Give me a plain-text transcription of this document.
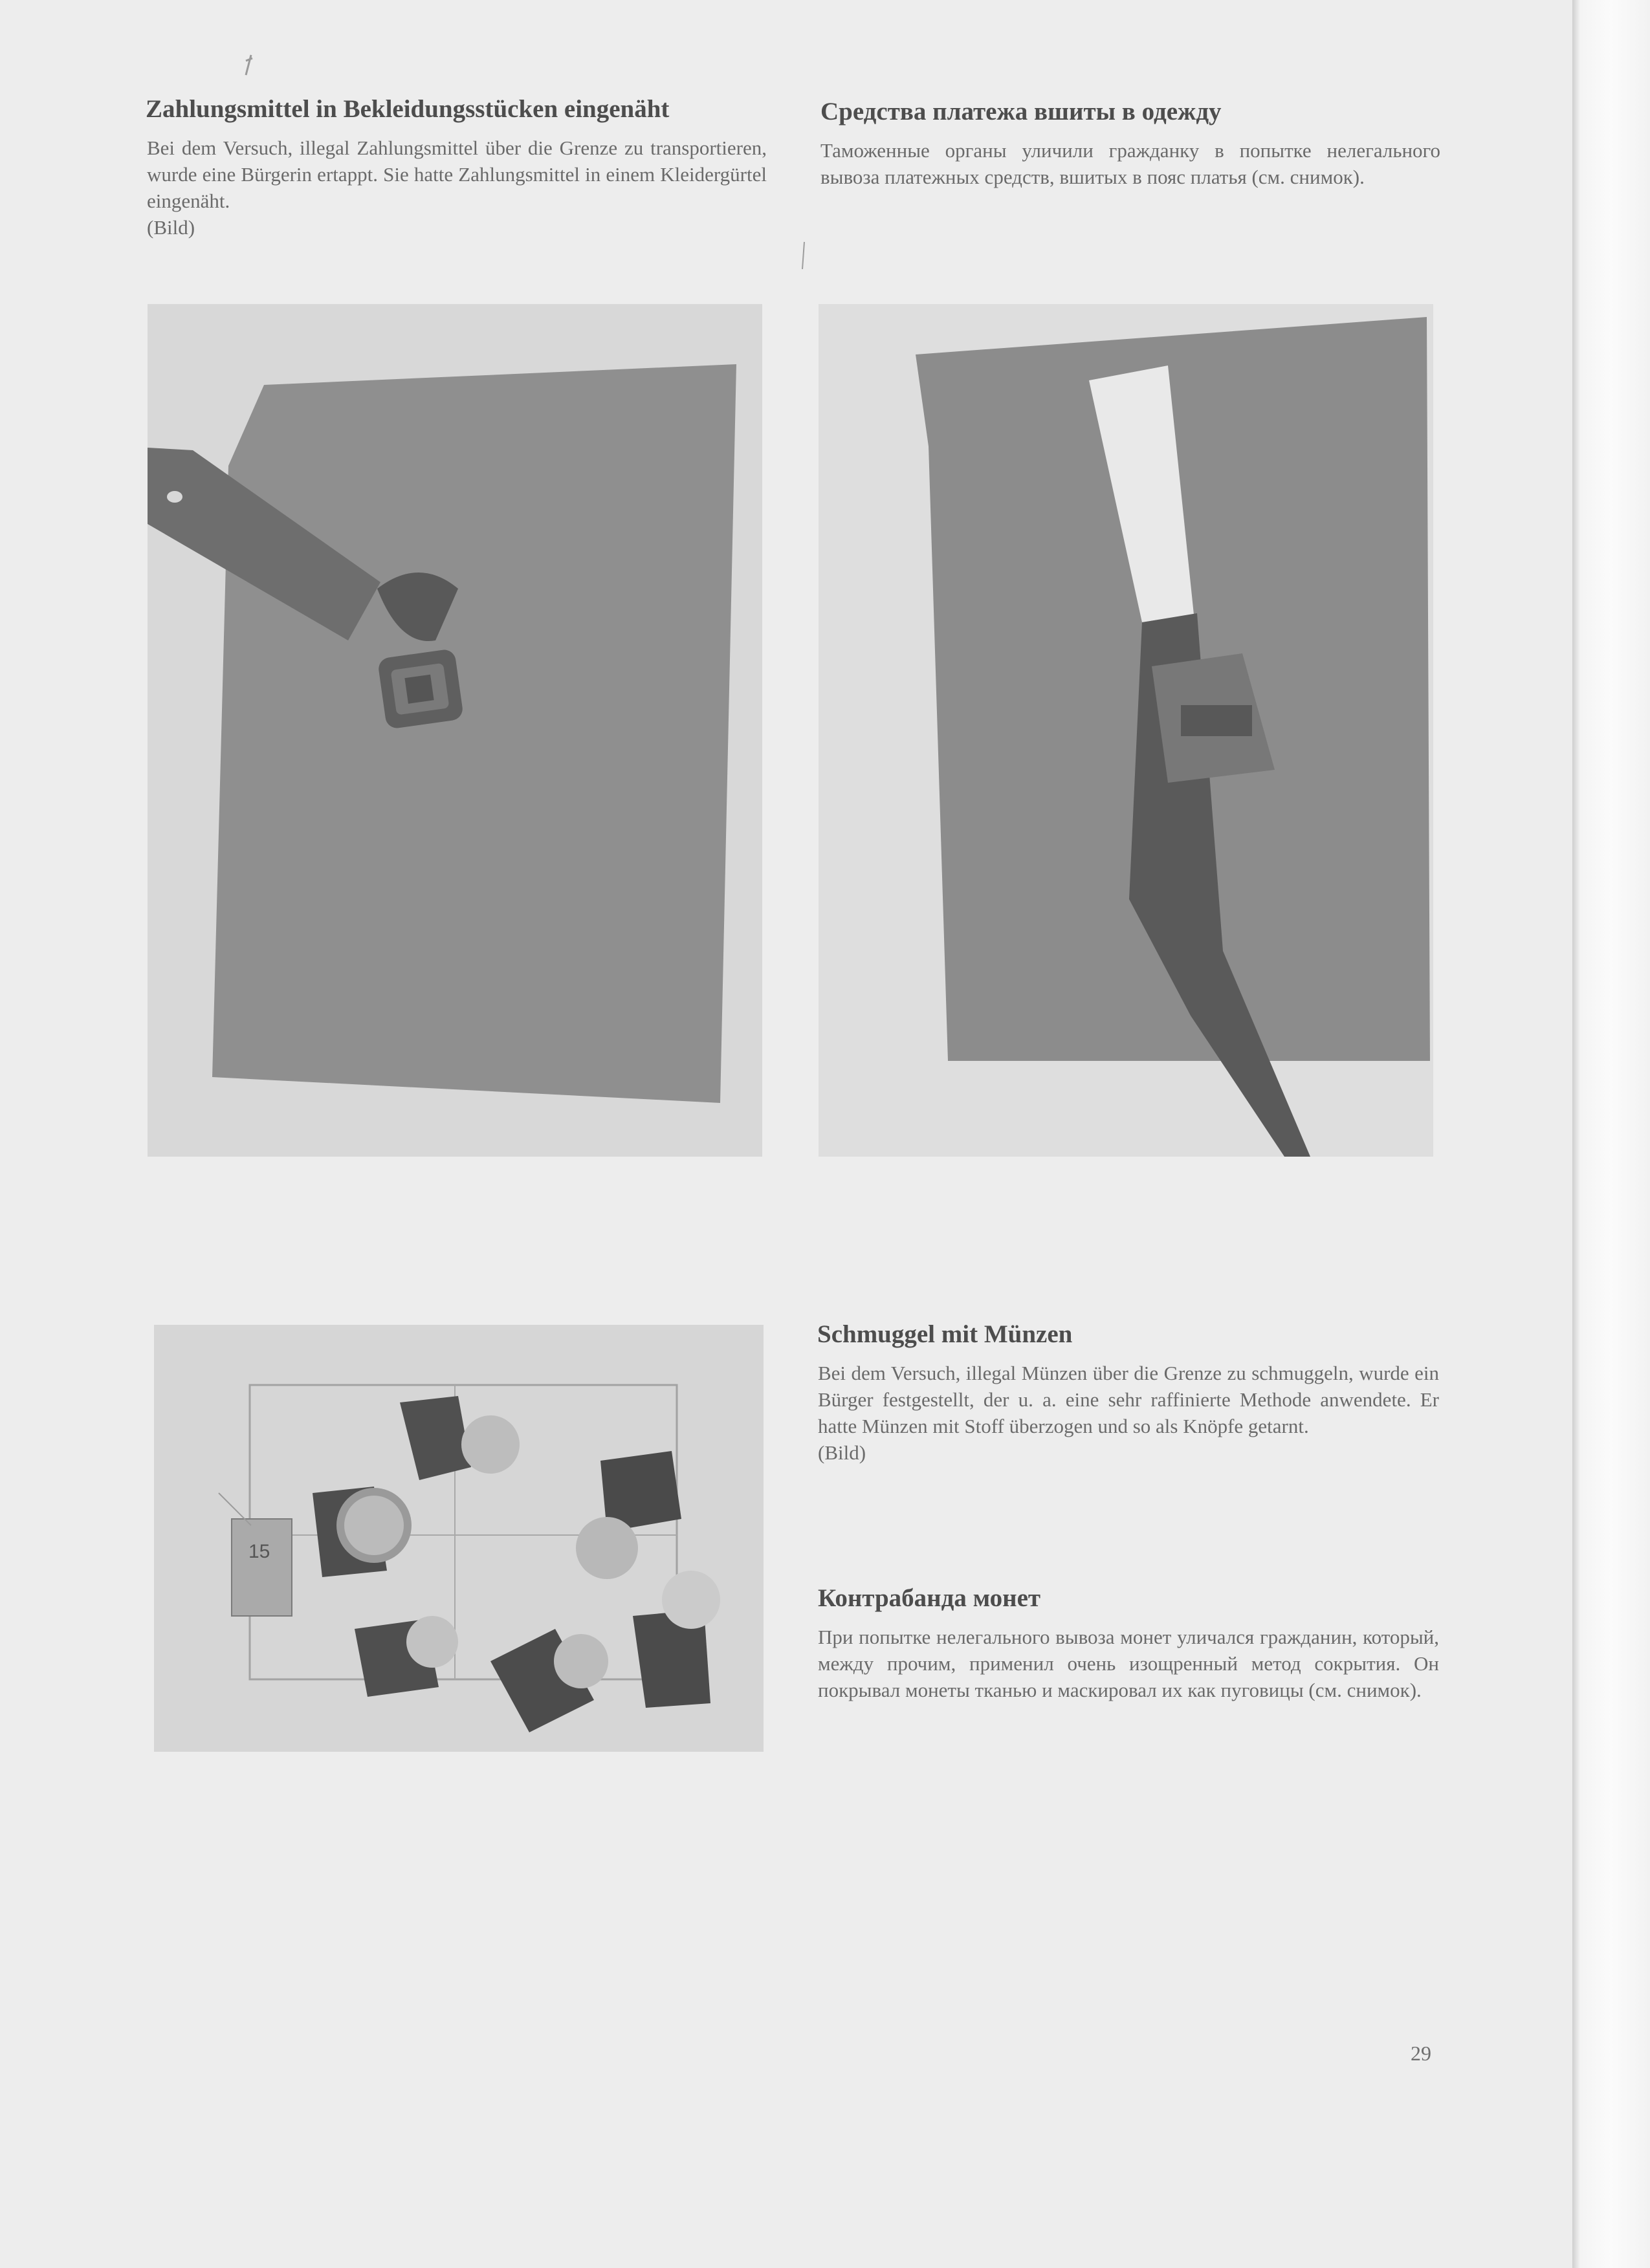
Zahlungsmittel in Bekleidungsstücken eingenäht

Bei dem Versuch, illegal Zahlungsmittel über die Grenze zu transportieren, wurde eine Bürgerin ertappt. Sie hatte Zahlungsmittel in einem Kleidergürtel eingenäht.
(Bild)

Средства платежа вшиты в одежду

Таможенные органы уличили гражданку в попытке нелегального вывоза платежных средств, вшитых в пояс платья (см. снимок).

15
Schmuggel mit Münzen

Bei dem Versuch, illegal Münzen über die Grenze zu schmuggeln, wurde ein Bürger festgestellt, der u. a. eine sehr raffinierte Methode anwendete. Er hatte Münzen mit Stoff überzogen und so als Knöpfe getarnt.
(Bild)

Контрабанда монет

При попытке нелегального вывоза монет уличался гражданин, который, между прочим, применил очень изощренный метод сокрытия. Он покрывал монеты тканью и маскировал их как пуговицы (см. снимок).

29
